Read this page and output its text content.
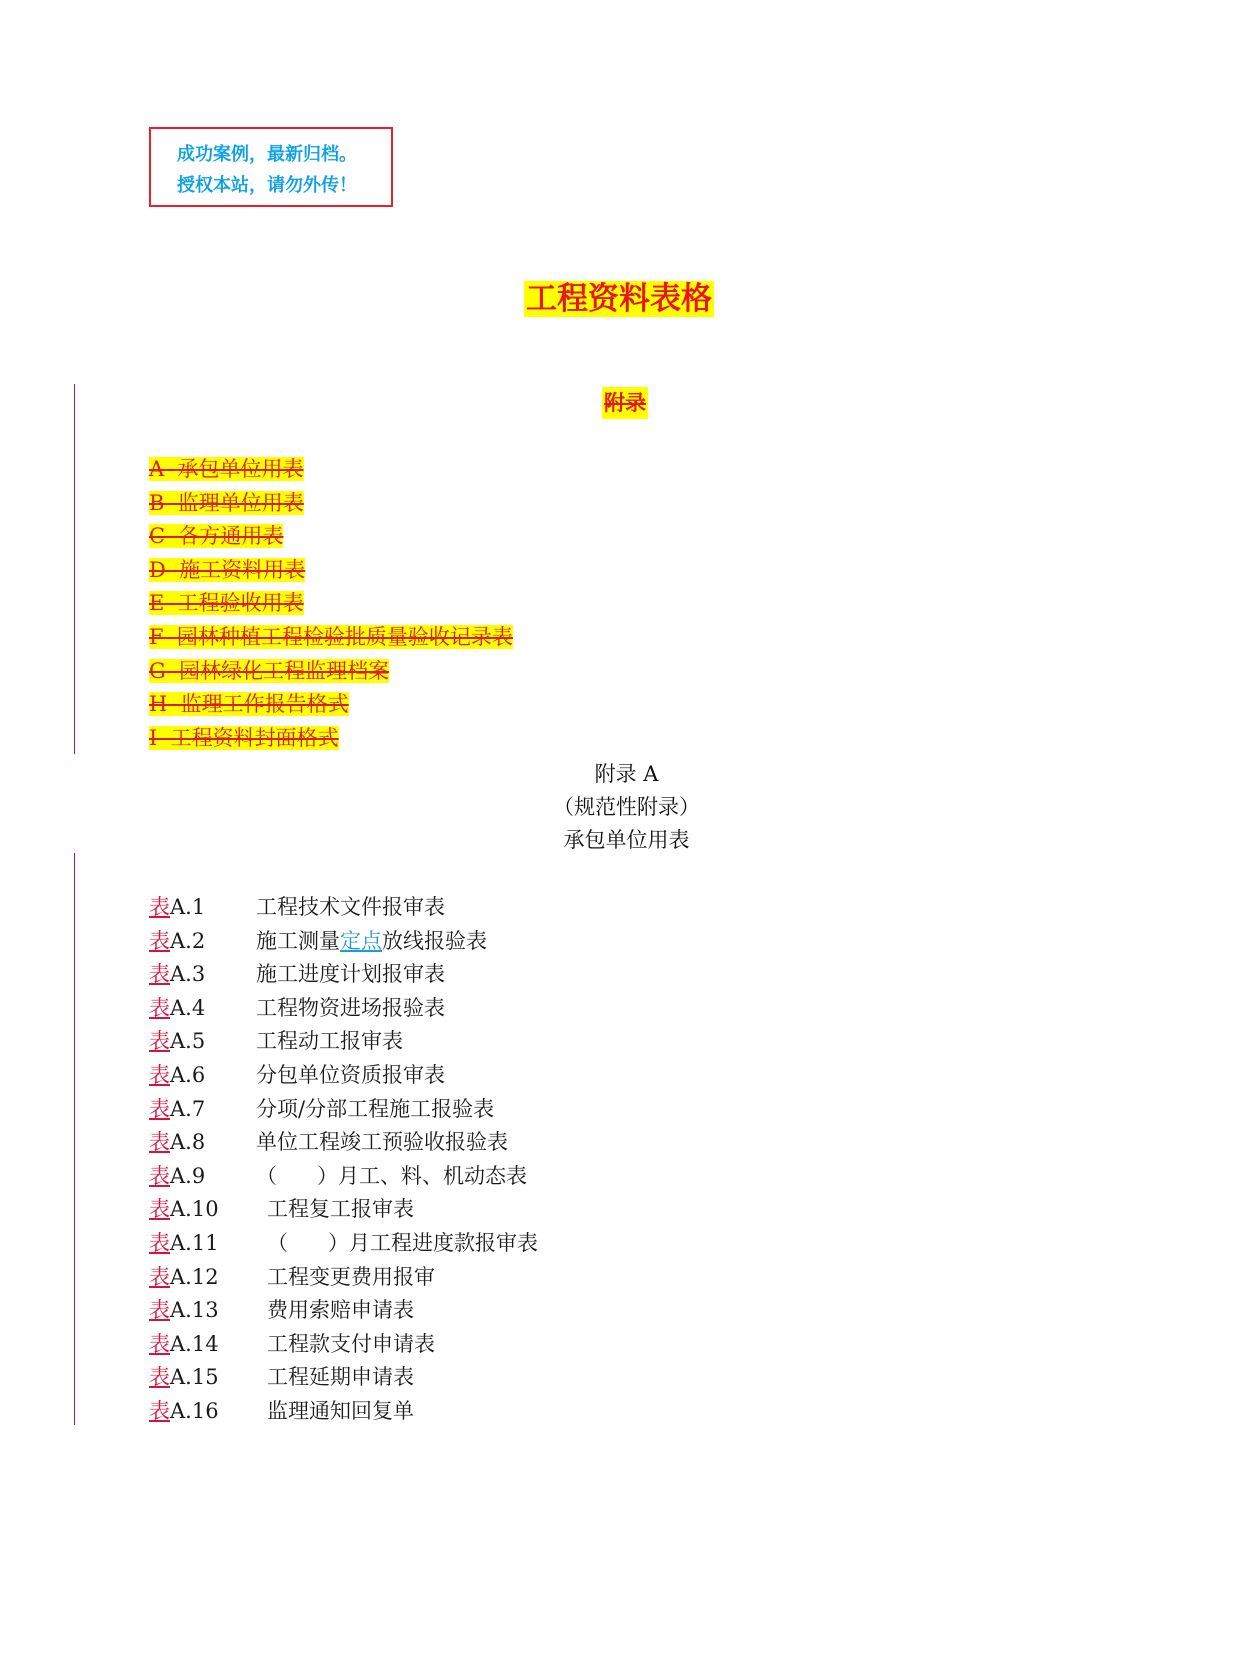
成功案例，最新归档。
授权本站，请勿外传！
工程资料表格
附录
A  承包单位用表
B  监理单位用表
C  各方通用表
D  施工资料用表
E  工程验收用表
F  园林种植工程检验批质量验收记录表
G  园林绿化工程监理档案
H  监理工作报告格式
I  工程资料封面格式
附录 A
（规范性附录）
承包单位用表
表A.1 工程技术文件报审表
表A.2 施工测量定点放线报验表
表A.3 施工进度计划报审表
表A.4 工程物资进场报验表
表A.5 工程动工报审表
表A.6 分包单位资质报审表
表A.7 分项/分部工程施工报验表
表A.8 单位工程竣工预验收报验表
表A.9 （      ）月工、料、机动态表
表A.10 工程复工报审表
表A.11 （      ）月工程进度款报审表
表A.12 工程变更费用报审
表A.13 费用索赔申请表
表A.14 工程款支付申请表
表A.15 工程延期申请表
表A.16 监理通知回复单
